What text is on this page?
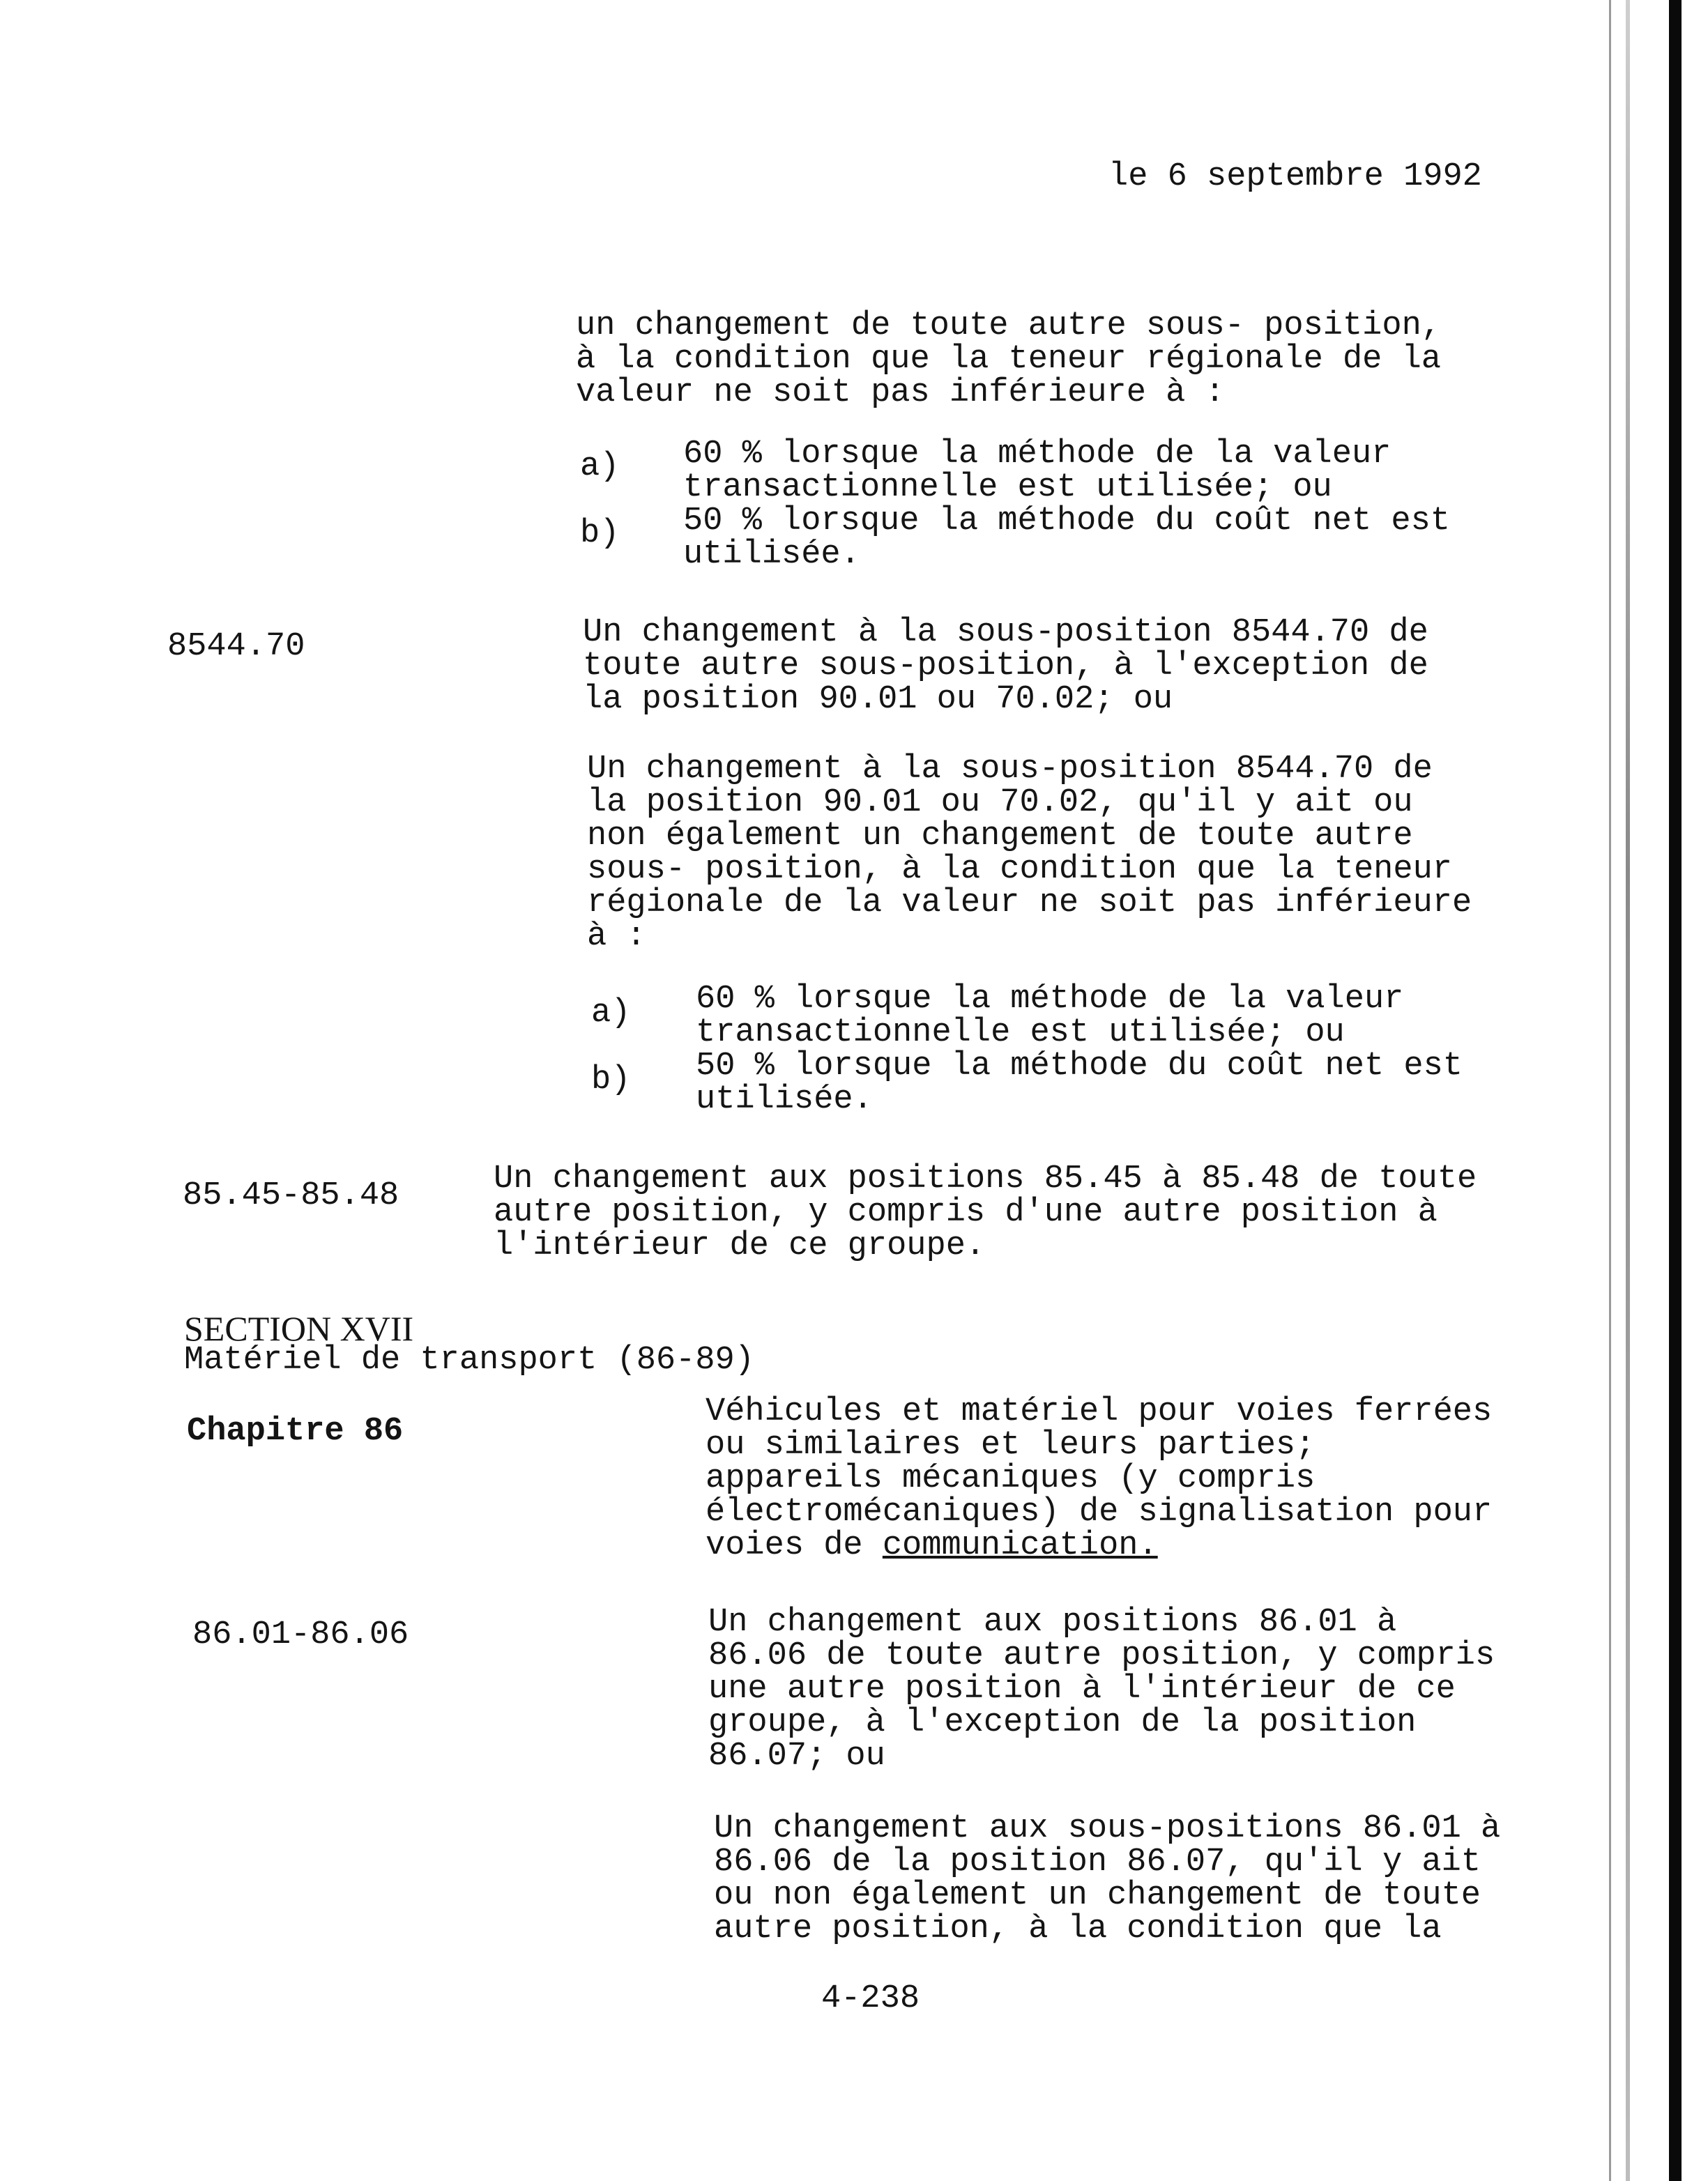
le 6 septembre 1992
un changement de toute autre sous- position,
à la condition que la teneur régionale de la
valeur ne soit pas inférieure à :
a)	60 % lorsque la méthode de la valeur
transactionnelle est utilisée; ou
b)	50 % lorsque la méthode du coût net est
utilisée.
8544.70	Un changement à la sous-position 8544.70 de
toute autre sous-position, à l'exception de
la position 90.01 ou 70.02; ou
Un changement à la sous-position 8544.70 de
la position 90.01 ou 70.02, qu'il y ait ou
non également un changement de toute autre
sous- position, à la condition que la teneur
régionale de la valeur ne soit pas inférieure
à :
a)	60 % lorsque la méthode de la valeur
transactionnelle est utilisée; ou
b)	50 % lorsque la méthode du coût net est
utilisée.
85.45-85.48	Un changement aux positions 85.45 à 85.48 de toute
autre position, y compris d'une autre position à
l'intérieur de ce groupe.
SECTION XVII
Matériel de transport (86-89)
Chapitre 86
Véhicules et matériel pour voies ferrées
ou similaires et leurs parties;
appareils mécaniques (y compris
électromécaniques) de signalisation pour
voies de communication.
86.01-86.06	Un changement aux positions 86.01 à
86.06 de toute autre position, y compris
une autre position à l'intérieur de ce
groupe, à l'exception de la position
86.07; ou
Un changement aux sous-positions 86.01 à
86.06 de la position 86.07, qu'il y ait
ou non également un changement de toute
autre position, à la condition que la
4-238
